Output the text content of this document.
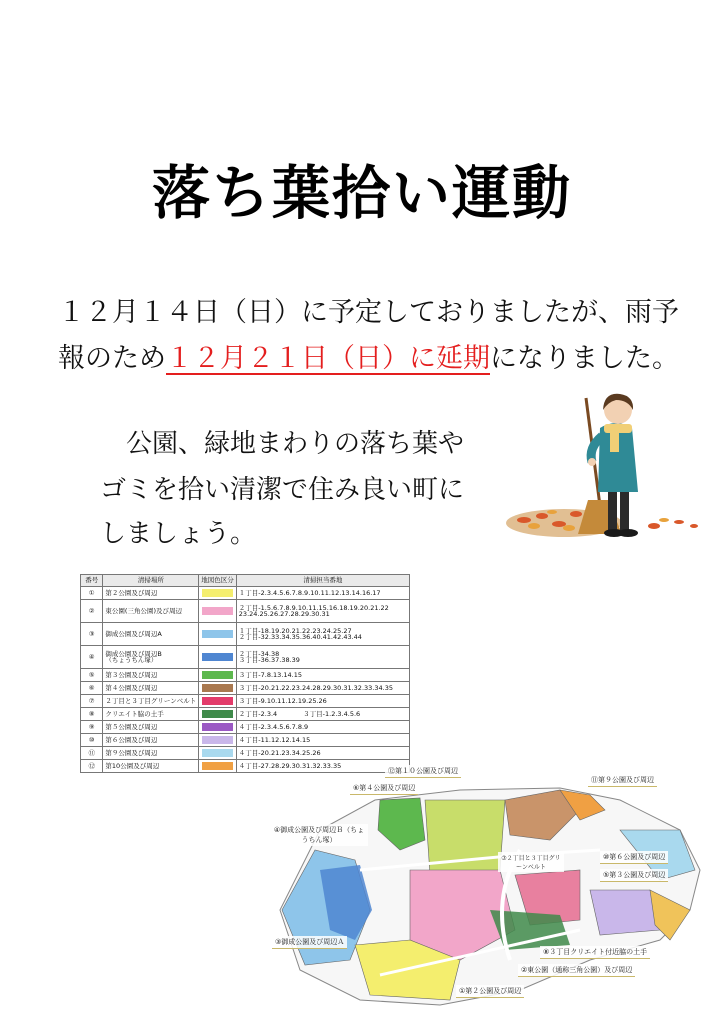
落ち葉拾い運動

１２月１４日（日）に予定しておりましたが、雨予

報のため１２月２１日（日）に延期になりました。

公園、緑地まわりの落ち葉や

ゴミを拾い清潔で住み良い町に

しましょう。

番号	清掃場所	地図色区分	清掃担当番地
①	第２公園及び周辺		１丁目-2.3.4.5.6.7.8.9.10.11.12.13.14.16.17
②	東公園(三角公園)及び周辺		２丁目-1.5.6.7.8.9.10.11.15.16.18.19.20.21.22
23.24.25.26.27.28.29.30.31
③	御成公園及び周辺A		１丁目-18.19.20.21.22.23.24.25.27
２丁目-32.33.34.35.36.40.41.42.43.44
④	御成公園及び周辺B
（ちょうちん塚）		２丁目-34.38
３丁目-36.37.38.39
⑤	第３公園及び周辺		３丁目-7.8.13.14.15
⑥	第４公園及び周辺		３丁目-20.21.22.23.24.28.29.30.31.32.33.34.35
⑦	２丁目と３丁目グリーンベルト		３丁目-9.10.11.12.19.25.26
⑧	クリエイト脇の土手		２丁目-2.3.4　　　　３丁目-1.2.3.4.5.6
⑨	第５公園及び周辺		４丁目-2.3.4.5.6.7.8.9
⑩	第６公園及び周辺		４丁目-11.12.12.14.15
⑪	第９公園及び周辺		４丁目-20.21.23.34.25.26
⑫	第10公園及び周辺		４丁目-27.28.29.30.31.32.33.35
⑫第１０公園及び周辺
⑥第４公園及び周辺
⑪第９公園及び周辺
④御成公園及び周辺Ｂ（ちょうちん塚）
⑦２丁目と３丁目グリーンベルト
⑩第６公園及び周辺
⑤第３公園及び周辺
③御成公園及び周辺Ａ
⑧３丁目クリエイト付近脇の土手
②東公園（通称三角公園）及び周辺
①第２公園及び周辺
